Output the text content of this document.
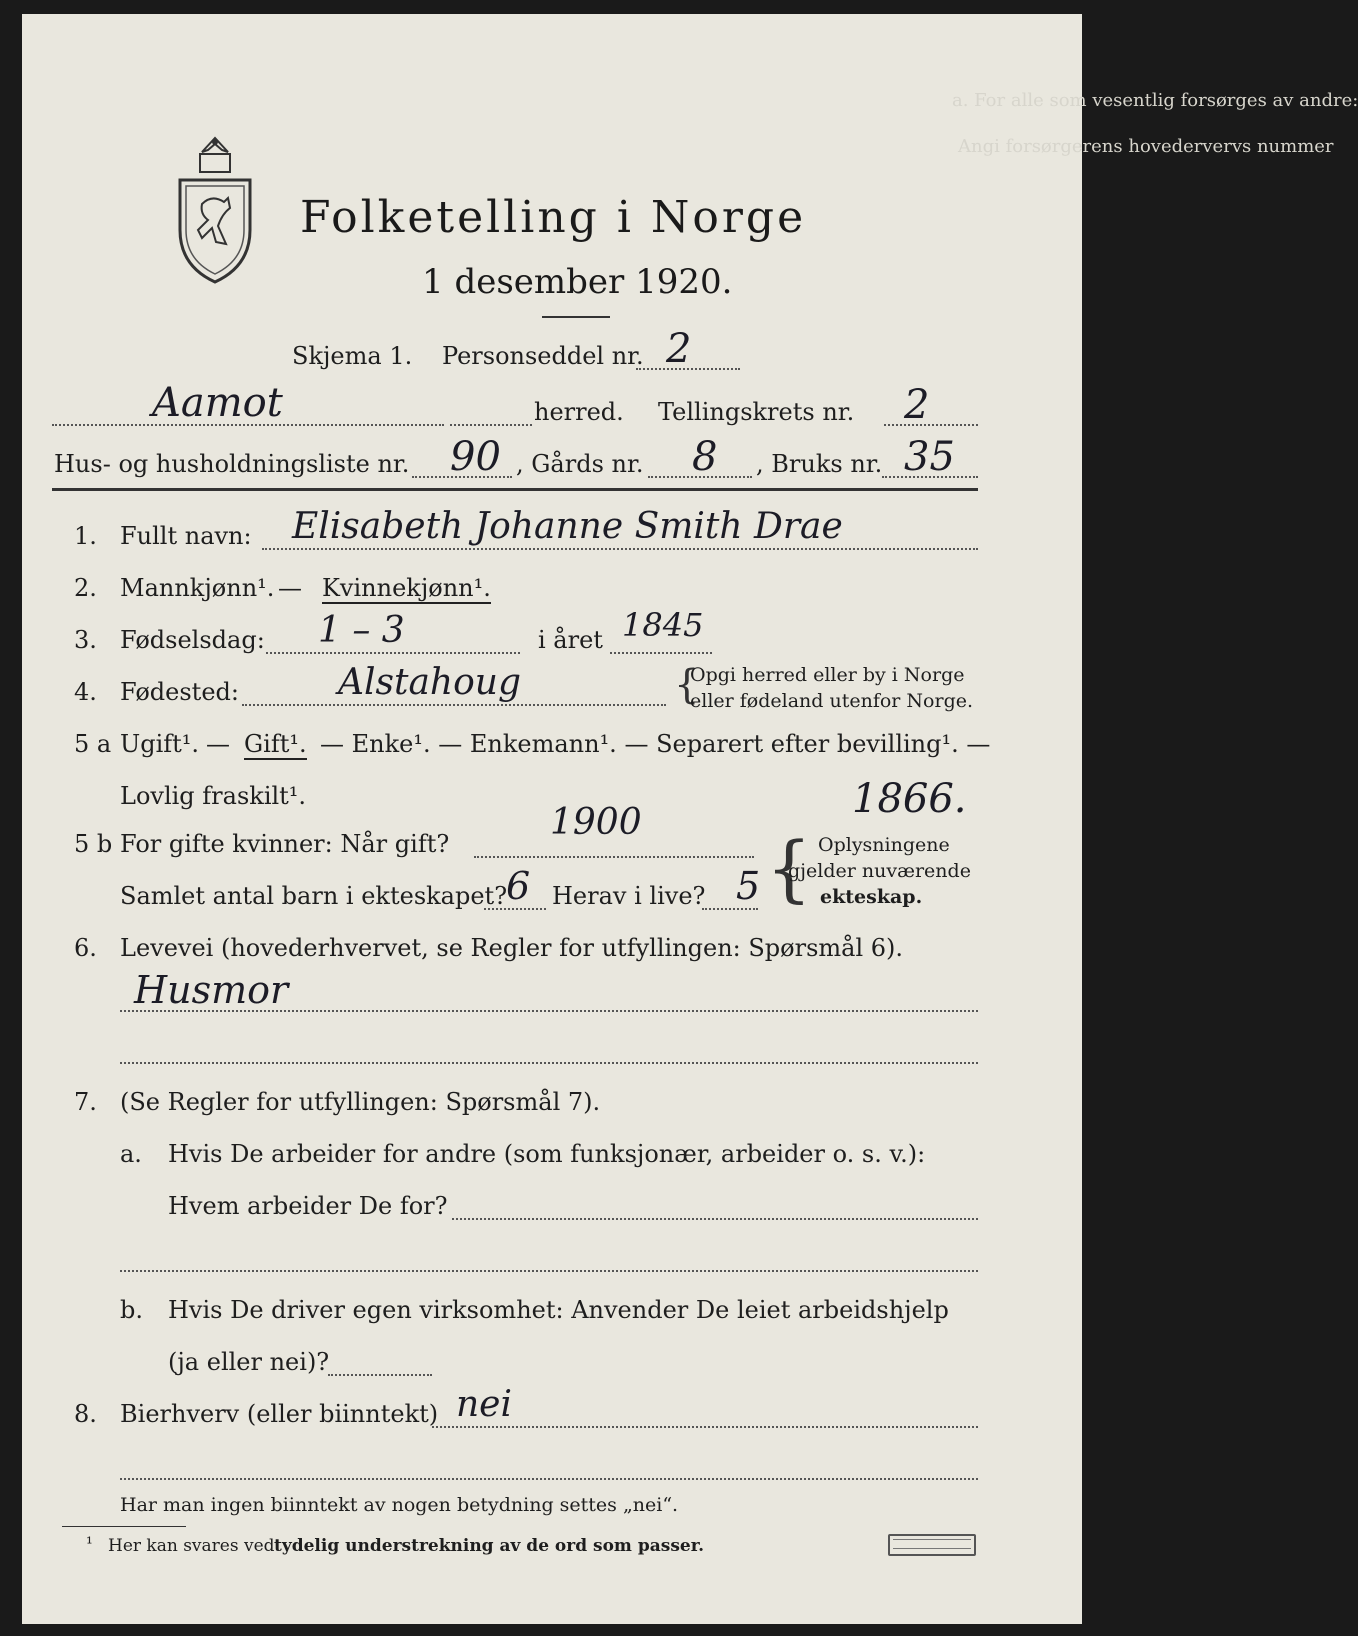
a. For alle som vesentlig forsørges av andre:
Angi forsørgerens hovedervervs nummer
Folketelling i Norge
1 desember 1920.
Skjema 1. Personseddel nr. 2
Aamot	herred. Tellingskrets nr. 2
Hus- og husholdningsliste nr. 90 , Gårds nr. 8 , Bruks nr. 35
1. Fullt navn: Elisabeth Johanne Smith Drae
2. Mannkjønn¹. — Kvinnekjønn¹.
3. Fødselsdag: 1 – 3	i året 1845
4. Fødested:	Alstahoug	{
Opgi herred eller by i Norge
eller fødeland utenfor Norge.
5 a Ugift¹. — Gift¹. — Enke¹. — Enkemann¹. — Separert efter bevilling¹. —
Lovlig fraskilt¹.	1866.
5 b For gifte kvinner: Når gift?
1900
Samlet antal barn i ekteskapet?
6 Herav i live? 5 { Oplysningene
gjelder nuværende
ekteskap.
6. Levevei (hovederhvervet, se Regler for utfyllingen: Spørsmål 6).
Husmor
7. (Se Regler for utfyllingen: Spørsmål 7).
a. Hvis De arbeider for andre (som funksjonær, arbeider o. s. v.):
Hvem arbeider De for?
b. Hvis De driver egen virksomhet: Anvender De leiet arbeidshjelp
(ja eller nei)?
8. Bierhverv (eller biinntekt) nei
Har man ingen biinntekt av nogen betydning settes „nei“.
¹ Her kan svares ved tydelig understrekning av de ord som passer.
